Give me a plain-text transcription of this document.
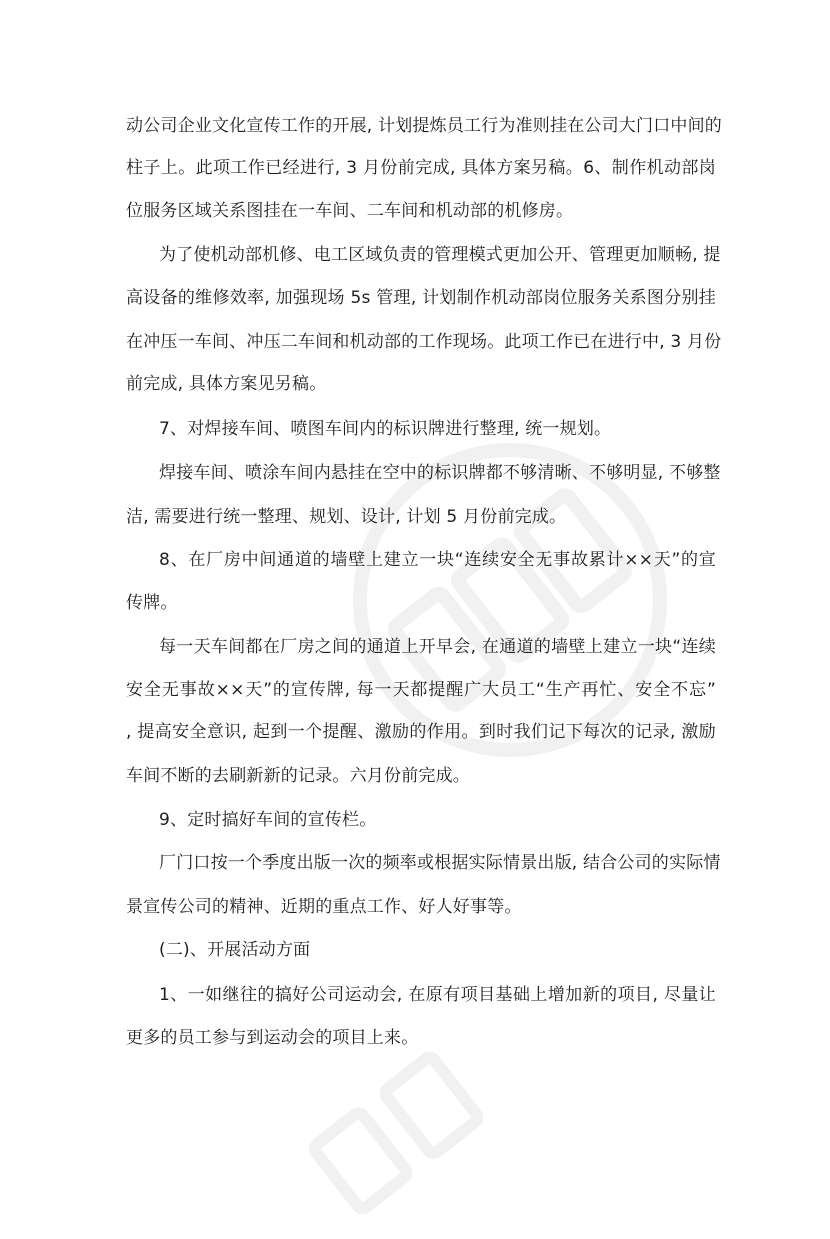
动公司企业文化宣传工作的开展, 计划提炼员工行为准则挂在公司大门口中间的
柱子上。此项工作已经进行, 3 月份前完成, 具体方案另稿。6、制作机动部岗
位服务区域关系图挂在一车间、二车间和机动部的机修房。
为了使机动部机修、电工区域负责的管理模式更加公开、管理更加顺畅, 提
高设备的维修效率, 加强现场 5s 管理, 计划制作机动部岗位服务关系图分别挂
在冲压一车间、冲压二车间和机动部的工作现场。此项工作已在进行中, 3 月份
前完成, 具体方案见另稿。
7、对焊接车间、喷图车间内的标识牌进行整理, 统一规划。
焊接车间、喷涂车间内悬挂在空中的标识牌都不够清晰、不够明显, 不够整
洁, 需要进行统一整理、规划、设计, 计划 5 月份前完成。
8、在厂房中间通道的墙壁上建立一块“连续安全无事故累计××天”的宣
传牌。
每一天车间都在厂房之间的通道上开早会, 在通道的墙壁上建立一块“连续
安全无事故××天”的宣传牌, 每一天都提醒广大员工“生产再忙、安全不忘”
, 提高安全意识, 起到一个提醒、激励的作用。到时我们记下每次的记录, 激励
车间不断的去刷新新的记录。六月份前完成。
9、定时搞好车间的宣传栏。
厂门口按一个季度出版一次的频率或根据实际情景出版, 结合公司的实际情
景宣传公司的精神、近期的重点工作、好人好事等。
(二)、开展活动方面
1、一如继往的搞好公司运动会, 在原有项目基础上增加新的项目, 尽量让
更多的员工参与到运动会的项目上来。
